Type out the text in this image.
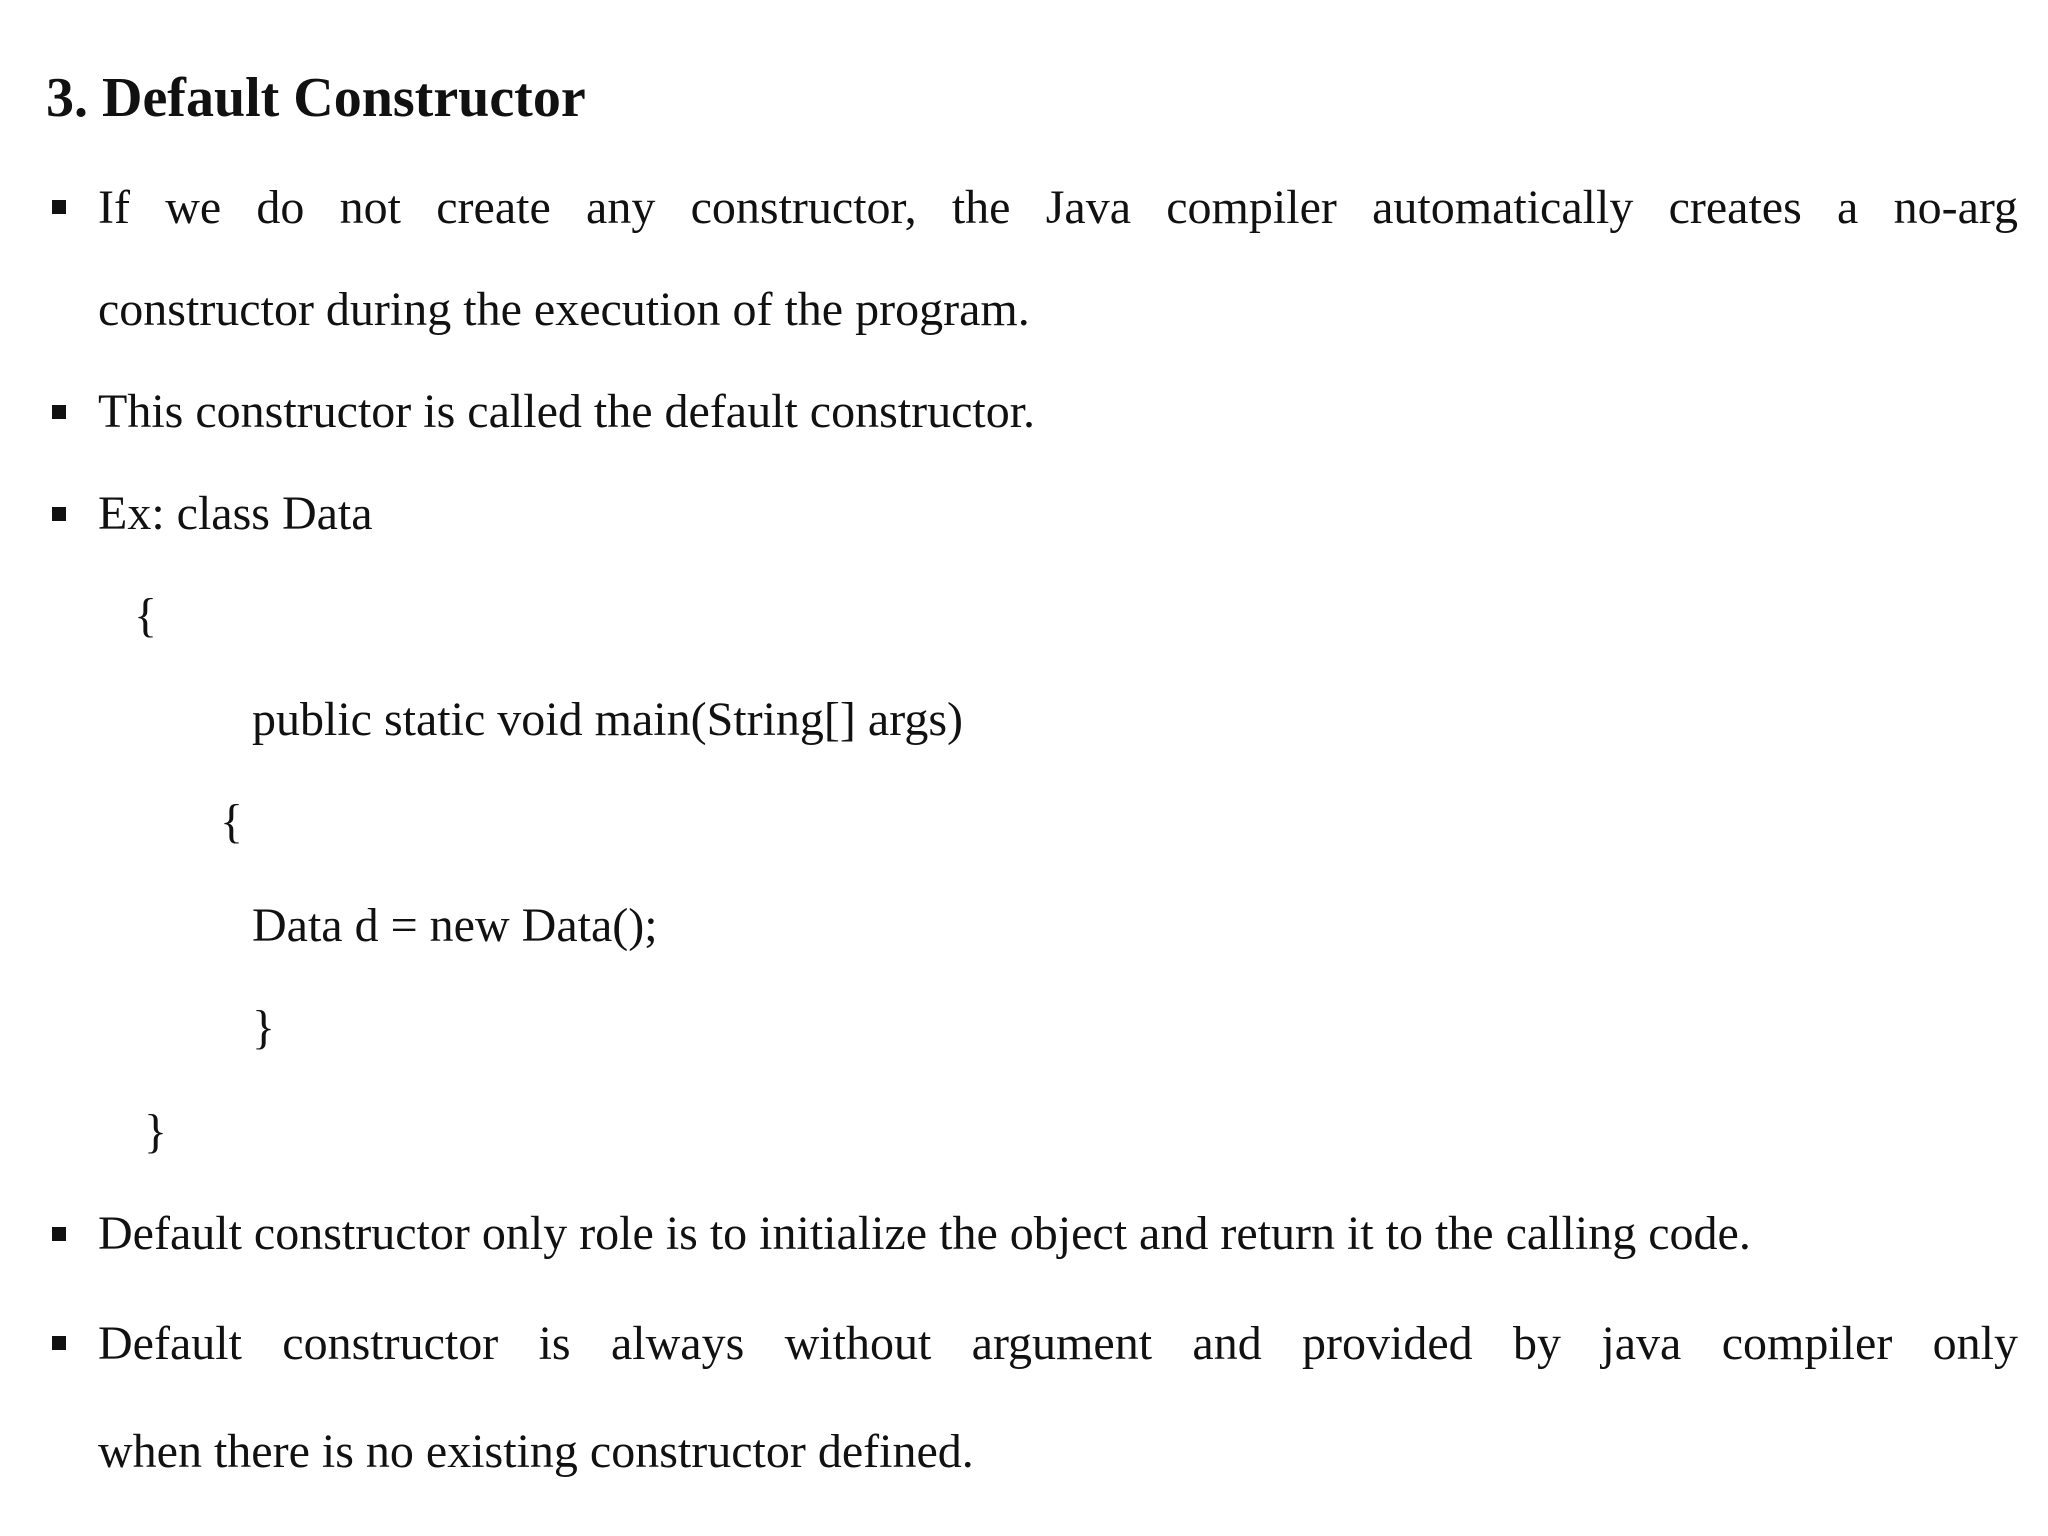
3. Default Constructor
If we do not create any constructor, the Java compiler automatically creates a no-arg
constructor during the execution of the program.
This constructor is called the default constructor.
Ex: class Data
{
public static void main(String[] args)
{
Data d = new Data();
}
}
Default constructor only role is to initialize the object and return it to the calling code.
Default constructor is always without argument and provided by java compiler only
when there is no existing constructor defined.
